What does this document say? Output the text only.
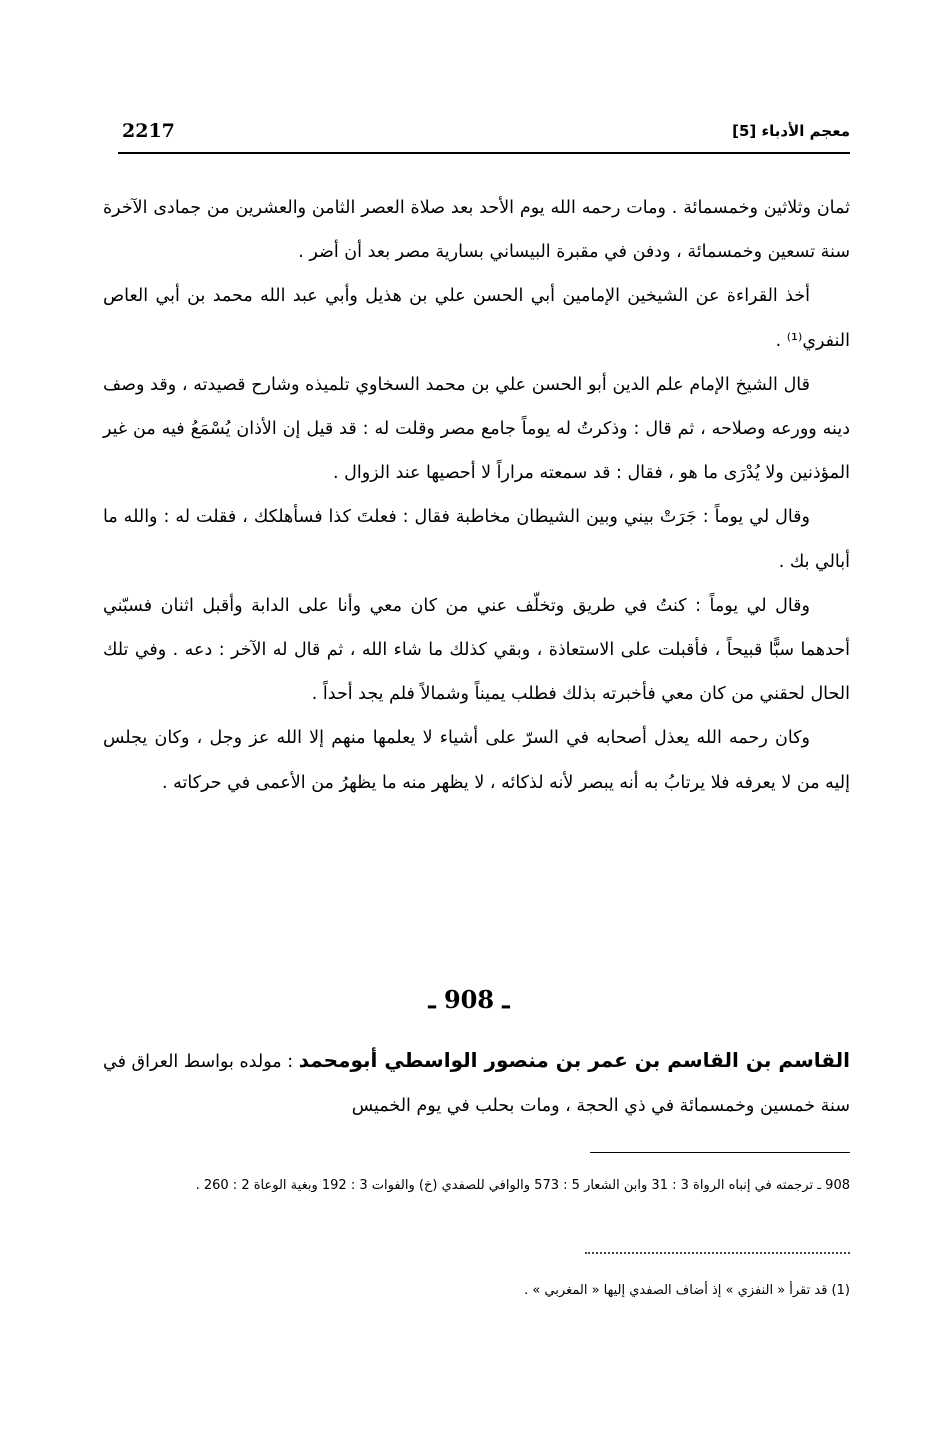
2217	معجم الأدباء [5]

ثمان وثلاثين وخمسمائة . ومات رحمه الله يوم الأحد بعد صلاة العصر الثامن والعشرين من جمادى الآخرة سنة تسعين وخمسمائة ، ودفن في مقبرة البيساني بسارية مصر بعد أن أضر .

أخذ القراءة عن الشيخين الإمامين أبي الحسن علي بن هذيل وأبي عبد الله محمد بن أبي العاص النفري⁽¹⁾ .

قال الشيخ الإمام علم الدين أبو الحسن علي بن محمد السخاوي تلميذه وشارح قصيدته ، وقد وصف دينه وورعه وصلاحه ، ثم قال : وذكرتُ له يوماً جامع مصر وقلت له : قد قيل إن الأذان يُسْمَعُ فيه من غير المؤذنين ولا يُدْرَى ما هو ، فقال : قد سمعته مراراً لا أحصيها عند الزوال .

وقال لي يوماً : جَرَتْ بيني وبين الشيطان مخاطبة فقال : فعلتَ كذا فسأهلكك ، فقلت له : والله ما أبالي بك .

وقال لي يوماً : كنتُ في طريق وتخلّف عني من كان معي وأنا على الدابة وأقبل اثنان فسبّني أحدهما سبًّا قبيحاً ، فأقبلت على الاستعاذة ، وبقي كذلك ما شاء الله ، ثم قال له الآخر : دعه . وفي تلك الحال لحقني من كان معي فأخبرته بذلك فطلب يميناً وشمالاً فلم يجد أحداً .

وكان رحمه الله يعذل أصحابه في السرّ على أشياء لا يعلمها منهم إلا الله عز وجل ، وكان يجلس إليه من لا يعرفه فلا يرتابُ به أنه يبصر لأنه لذكائه ، لا يظهر منه ما يظهرُ من الأعمى في حركاته .

ـ 908 ـ
القاسم بن القاسم بن عمر بن منصور الواسطي أبومحمد : مولده بواسط العراق في سنة خمسين وخمسمائة في ذي الحجة ، ومات بحلب في يوم الخميس
908 ـ ترجمته في إنباه الرواة 3 : 31 وابن الشعار 5 : 573 والوافي للصفدي (خ) والفوات 3 : 192 وبغية الوعاة 2 : 260 .
(1) قد تقرأ « النفزي » إذ أضاف الصفدي إليها « المغربي » .
